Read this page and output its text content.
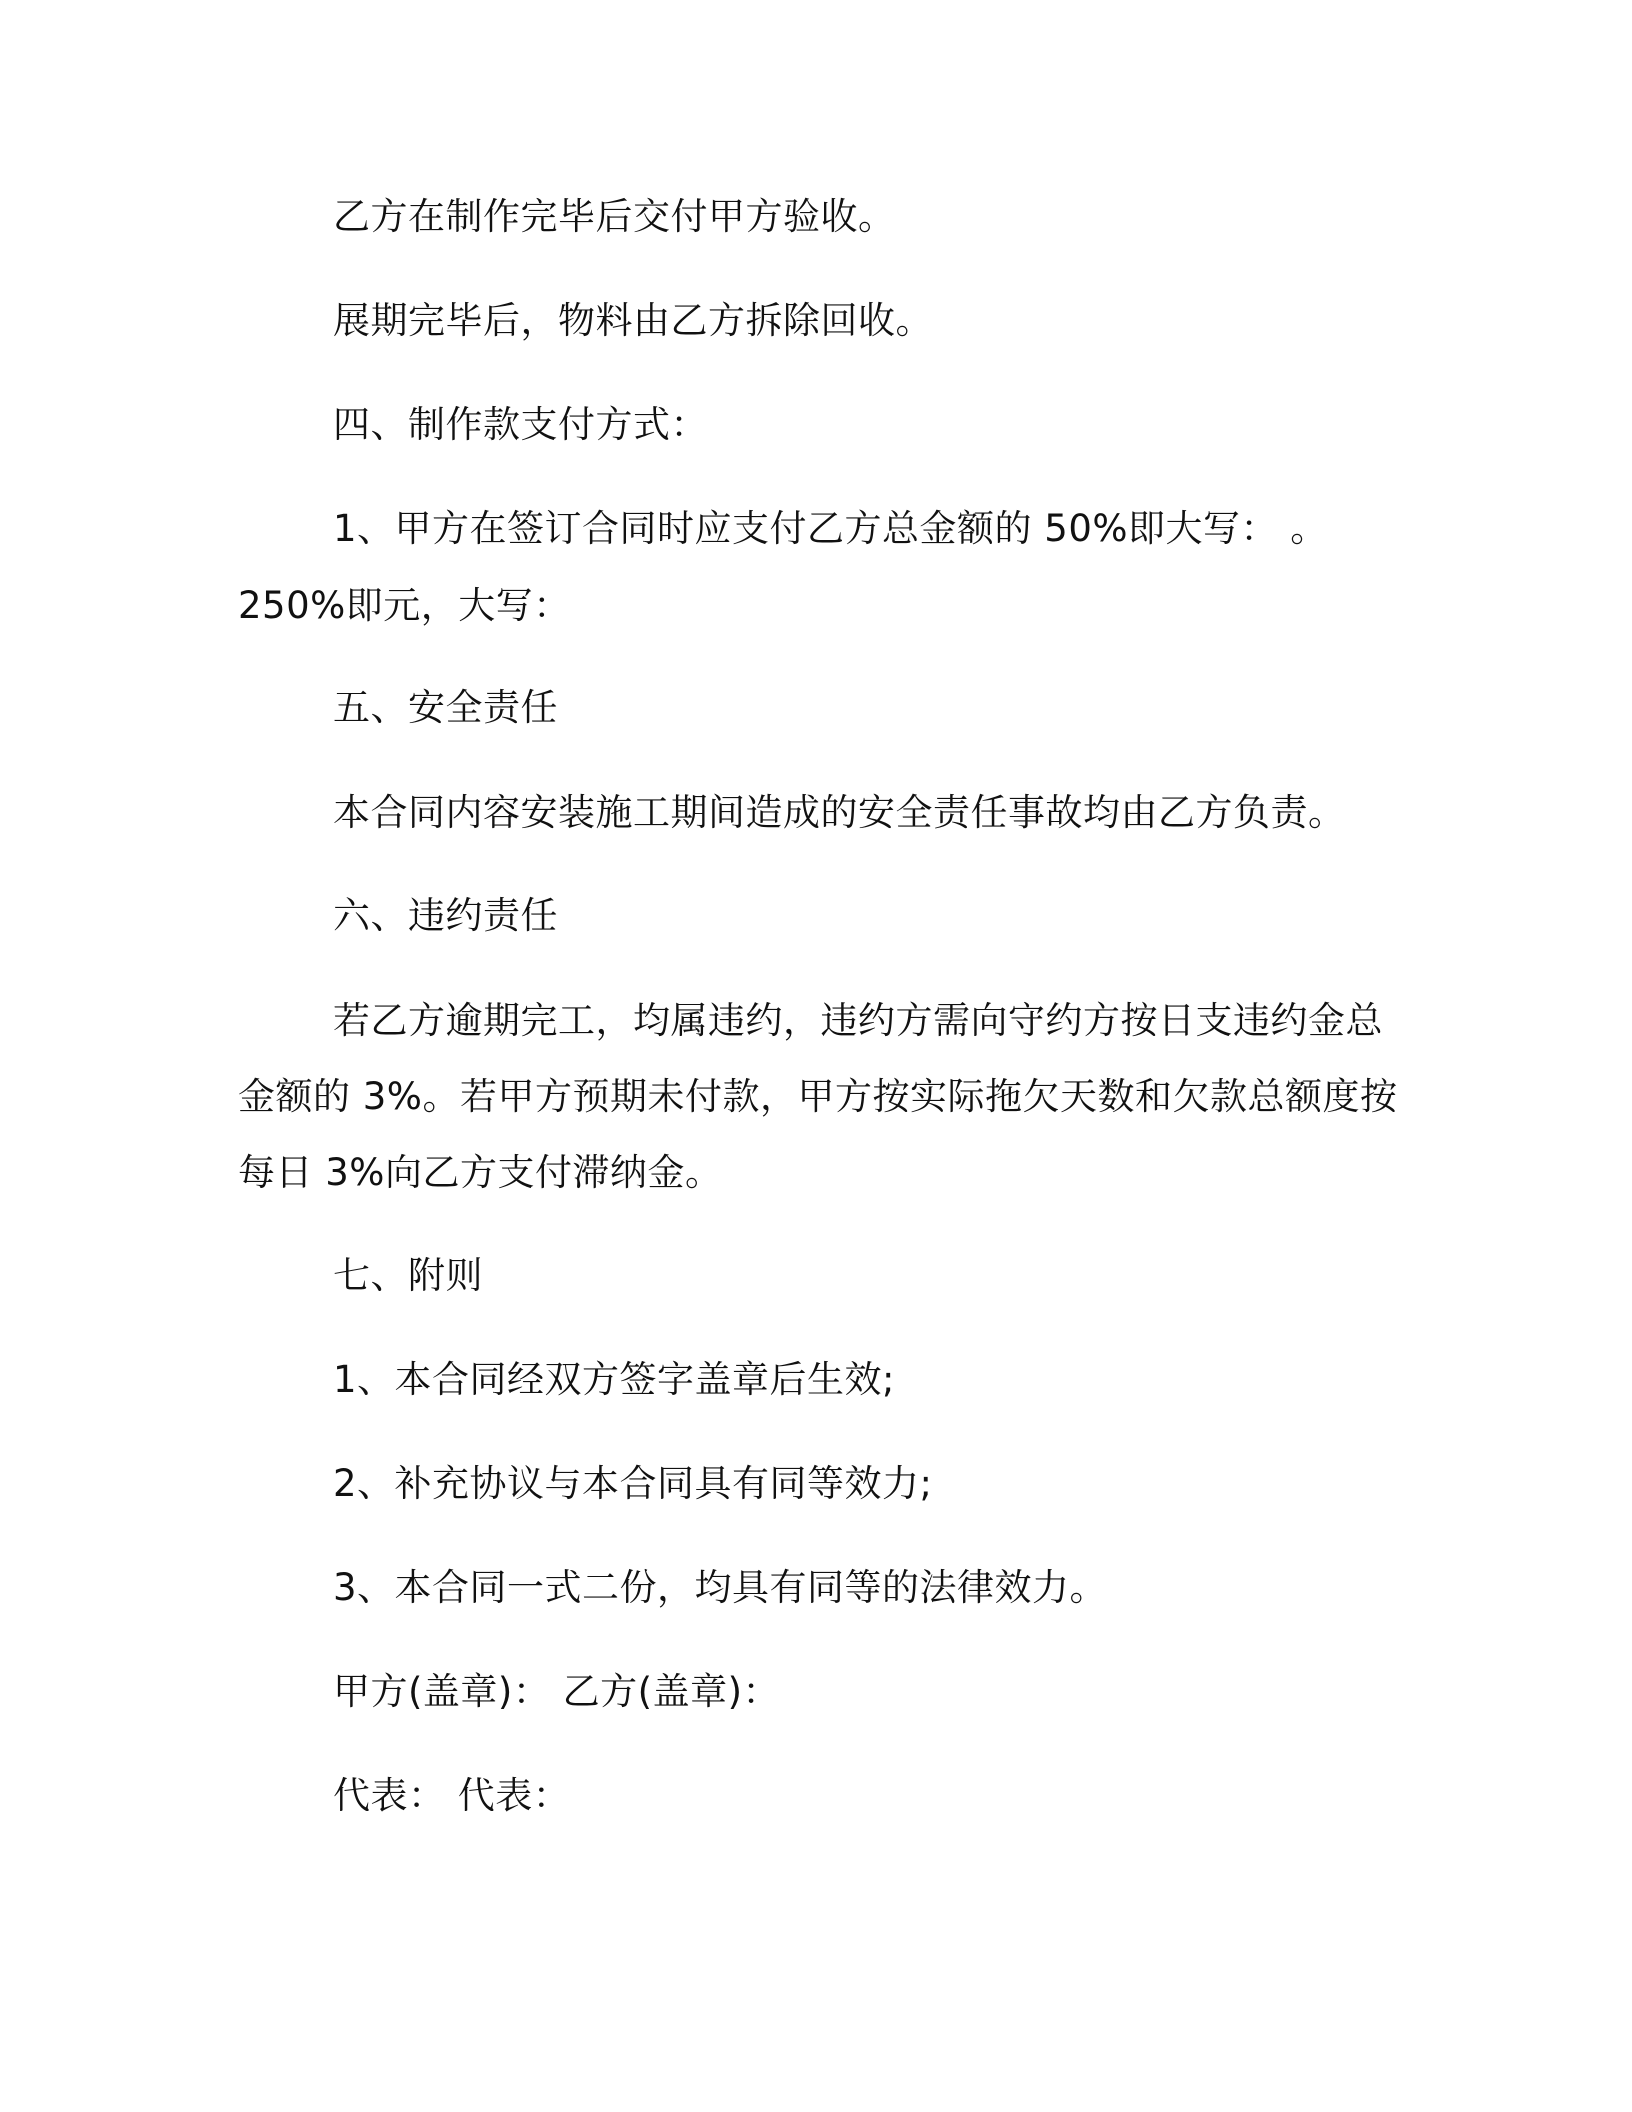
乙方在制作完毕后交付甲方验收。
展期完毕后，物料由乙方拆除回收。
四、制作款支付方式：
1、甲方在签订合同时应支付乙方总金额的 50%即大写： 。
250%即元，大写：
五、安全责任
本合同内容安装施工期间造成的安全责任事故均由乙方负责。
六、违约责任
若乙方逾期完工，均属违约，违约方需向守约方按日支违约金总
金额的 3%。若甲方预期未付款，甲方按实际拖欠天数和欠款总额度按
每日 3%向乙方支付滞纳金。
七、附则
1、本合同经双方签字盖章后生效;
2、补充协议与本合同具有同等效力;
3、本合同一式二份，均具有同等的法律效力。
甲方(盖章)： 乙方(盖章)：
代表： 代表：
